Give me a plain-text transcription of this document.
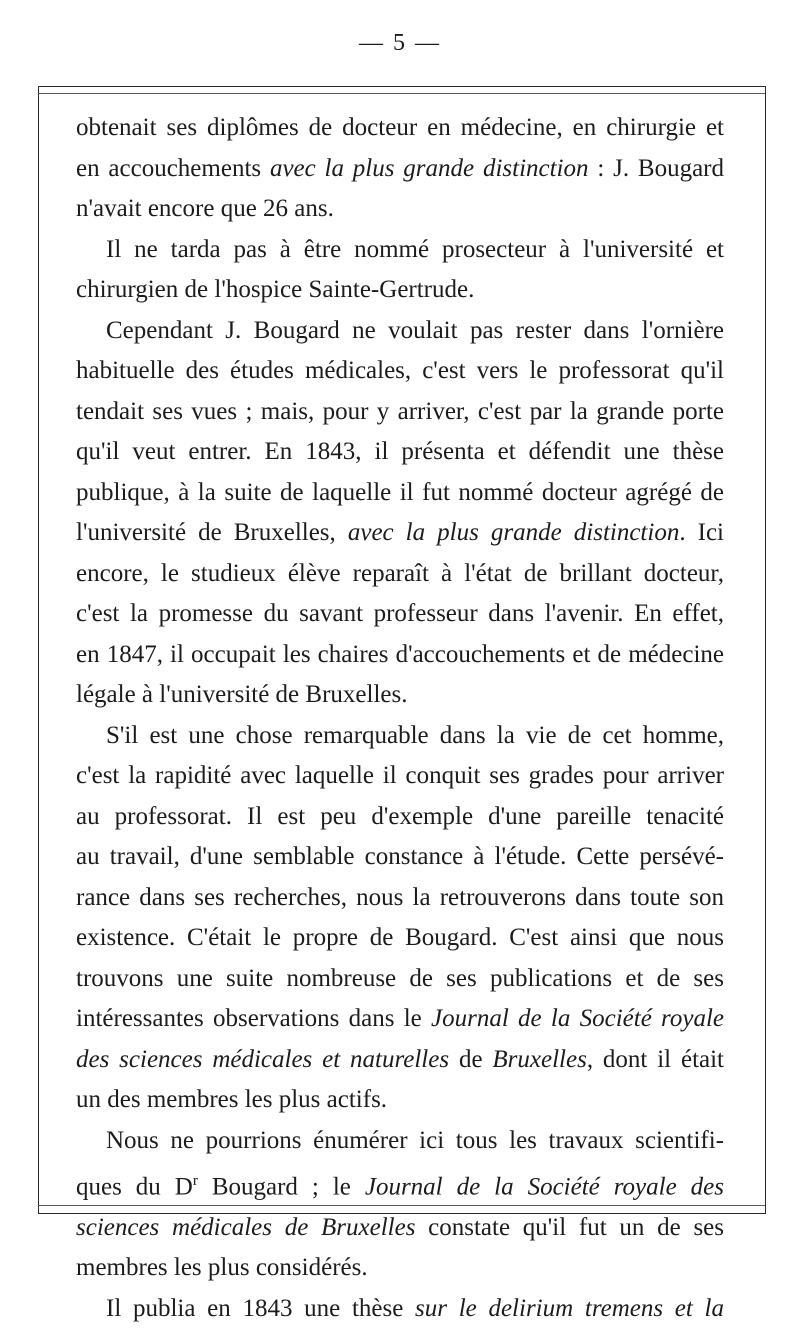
— 5 —

obtenait ses diplômes de docteur en médecine, en chirurgie et

en accouchements avec la plus grande distinction : J. Bougard

n'avait encore que 26 ans.

Il ne tarda pas à être nommé prosecteur à l'université et

chirurgien de l'hospice Sainte-Gertrude.

Cependant J. Bougard ne voulait pas rester dans l'ornière

habituelle des études médicales, c'est vers le professorat qu'il

tendait ses vues ; mais, pour y arriver, c'est par la grande porte

qu'il veut entrer. En 1843, il présenta et défendit une thèse

publique, à la suite de laquelle il fut nommé docteur agrégé de

l'université de Bruxelles, avec la plus grande distinction. Ici

encore, le studieux élève reparaît à l'état de brillant docteur,

c'est la promesse du savant professeur dans l'avenir. En effet,

en 1847, il occupait les chaires d'accouchements et de médecine

légale à l'université de Bruxelles.

S'il est une chose remarquable dans la vie de cet homme,

c'est la rapidité avec laquelle il conquit ses grades pour arriver

au professorat. Il est peu d'exemple d'une pareille tenacité

au travail, d'une semblable constance à l'étude. Cette persévé-

rance dans ses recherches, nous la retrouverons dans toute son

existence. C'était le propre de Bougard. C'est ainsi que nous

trouvons une suite nombreuse de ses publications et de ses

intéressantes observations dans le Journal de la Société royale

des sciences médicales et naturelles de Bruxelles, dont il était

un des membres les plus actifs.

Nous ne pourrions énumérer ici tous les travaux scientifi-

ques du $D^r$ Bougard ; le Journal de la Société royale des

sciences médicales de Bruxelles constate qu'il fut un de ses

membres les plus considérés.

Il publia en 1843 une thèse sur le delirium tremens et la
